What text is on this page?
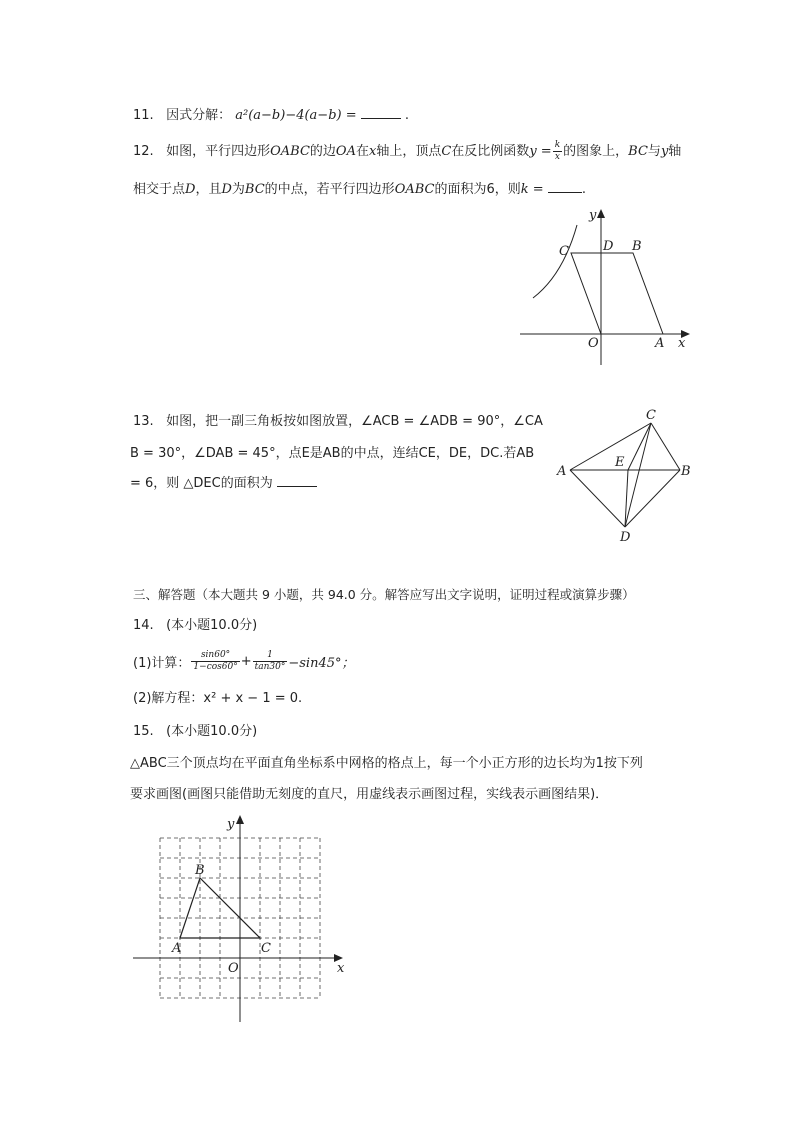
11. 因式分解： a²(a−b)−4(a−b) =	.
12. 如图，平行四边形OABC的边OA在x轴上，顶点C在反比例函数$y = \frac{k}{x}$ 的图象上，BC与y轴
相交于点D，且D为BC的中点，若平行四边形OABC的面积为6，则k =	.
y
C	D B
O	A x
13. 如图，把一副三角板按如图放置，∠ACB = ∠ADB = 90°，∠CA
B = 30°，∠DAB = 45°，点E是AB的中点，连结CE，DE，DC.若AB
= 6，则 △DEC的面积为
C
A
E
B
D
三、解答题（本大题共 9 小题，共 94.0 分。解答应写出文字说明，证明过程或演算步骤）
14. (本小题10.0分)
(1)计算： $\frac{\sin 60^\circ}{1-\cos 60^\circ} + \frac{1}{\tan 30^\circ} -\sin 45^\circ$；
(2)解方程：x² + x − 1 = 0.
15. (本小题10.0分)
△ABC三个顶点均在平面直角坐标系中网格的格点上，每一个小正方形的边长均为1按下列
要求画图(画图只能借助无刻度的直尺，用虚线表示画图过程，实线表示画图结果)．
y
B
A	C
O	x
